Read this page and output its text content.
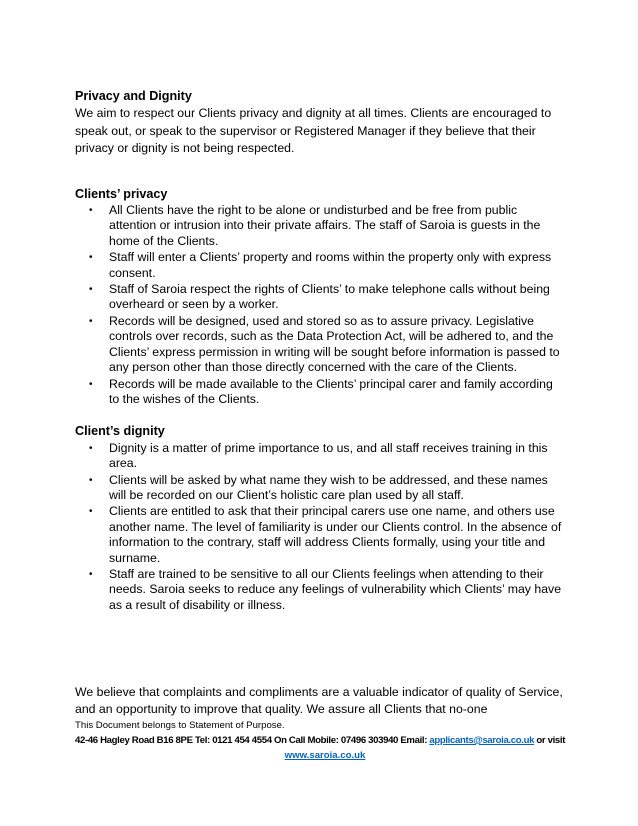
Privacy and Dignity

We aim to respect our Clients privacy and dignity at all times. Clients are encouraged to speak out, or speak to the supervisor or Registered Manager if they believe that their privacy or dignity is not being respected.

Clients’ privacy

• All Clients have the right to be alone or undisturbed and be free from public attention or intrusion into their private affairs. The staff of Saroia is guests in the home of the Clients.
• Staff will enter a Clients’ property and rooms within the property only with express consent.
• Staff of Saroia respect the rights of Clients’ to make telephone calls without being overheard or seen by a worker.
• Records will be designed, used and stored so as to assure privacy. Legislative controls over records, such as the Data Protection Act, will be adhered to, and the Clients’ express permission in writing will be sought before information is passed to any person other than those directly concerned with the care of the Clients.
• Records will be made available to the Clients’ principal carer and family according to the wishes of the Clients.

Client’s dignity

• Dignity is a matter of prime importance to us, and all staff receives training in this area.
• Clients will be asked by what name they wish to be addressed, and these names will be recorded on our Client’s holistic care plan used by all staff.
• Clients are entitled to ask that their principal carers use one name, and others use another name. The level of familiarity is under our Clients control. In the absence of information to the contrary, staff will address Clients formally, using your title and surname.
• Staff are trained to be sensitive to all our Clients feelings when attending to their needs. Saroia seeks to reduce any feelings of vulnerability which Clients’ may have as a result of disability or illness.

We believe that complaints and compliments are a valuable indicator of quality of Service, and an opportunity to improve that quality. We assure all Clients that no-one

This Document belongs to Statement of Purpose.

42-46 Hagley Road B16 8PE Tel: 0121 454 4554 On Call Mobile: 07496 303940 Email: applicants@saroia.co.uk or visit

www.saroia.co.uk
